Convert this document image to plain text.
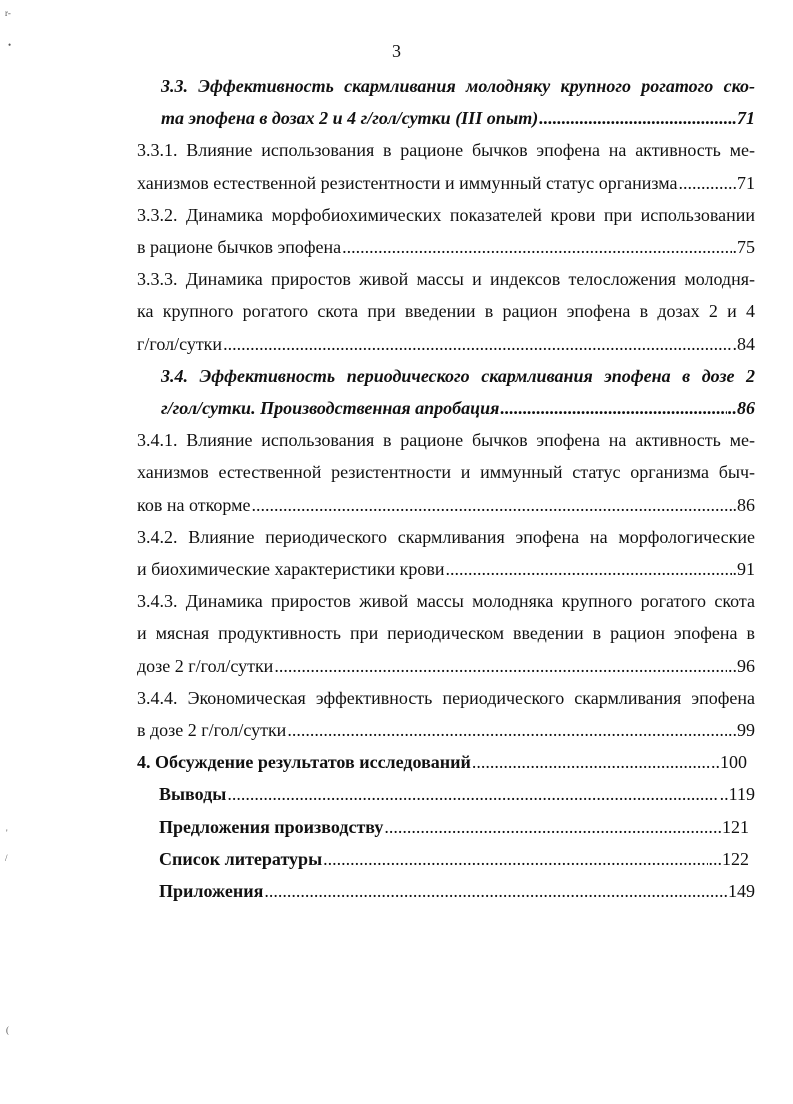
r-
•	3
3.3. Эффективность скармливания молодняку крупного рогатого ско-
та эпофена в дозах 2 и 4 г/гол/сутки (III опыт) .....	.71
3.3.1. Влияние использования в рационе бычков эпофена на активность ме-
ханизмов естественной резистентности и иммунный статус организма .....	.71
3.3.2. Динамика морфобиохимических показателей крови при использовании
в рационе бычков эпофена .....	.75
3.3.3. Динамика приростов живой массы и индексов телосложения молодня-
ка крупного рогатого скота при введении в рацион эпофена в дозах 2 и 4
г/гол/сутки .....	.84
3.4. Эффективность периодического скармливания эпофена в дозе 2
г/гол/сутки. Производственная апробация .....	..86
3.4.1. Влияние использования в рационе бычков эпофена на активность ме-
ханизмов естественной резистентности и иммунный статус организма быч-
ков на откорме .....	.86
3.4.2. Влияние периодического скармливания эпофена на морфологические
и биохимические характеристики крови .....	.91
3.4.3. Динамика приростов живой массы молодняка крупного рогатого скота
и мясная продуктивность при периодическом введении в рацион эпофена в
дозе 2 г/гол/сутки .....	..96
3.4.4. Экономическая эффективность периодического скармливания эпофена
в дозе 2 г/гол/сутки .....	..99
4. Обсуждение результатов исследований .....	..100
Выводы .....	..119
Предложения производству .....	..121
Список литературы .....	...122
Приложения .....	..149
'
/
(
